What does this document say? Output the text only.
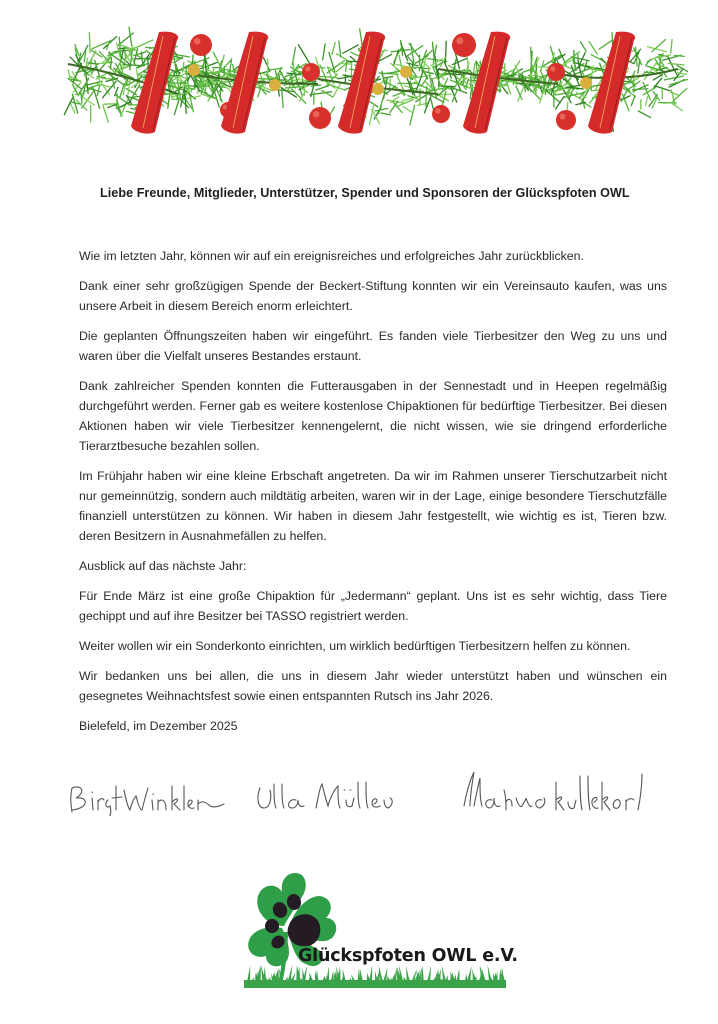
Liebe Freunde, Mitglieder, Unterstützer, Spender und Sponsoren der Glückspfoten OWL

Wie im letzten Jahr, können wir auf ein ereignisreiches und erfolgreiches Jahr zurückblicken.

Dank einer sehr großzügigen Spende der Beckert-Stiftung konnten wir ein Vereinsauto kaufen, was uns unsere Arbeit in diesem Bereich enorm erleichtert.

Die geplanten Öffnungszeiten haben wir eingeführt. Es fanden viele Tierbesitzer den Weg zu uns und waren über die Vielfalt unseres Bestandes erstaunt.

Dank zahlreicher Spenden konnten die Futterausgaben in der Sennestadt und in Heepen regelmäßig durchgeführt werden. Ferner gab es weitere kostenlose Chipaktionen für bedürftige Tierbesitzer. Bei diesen Aktionen haben wir viele Tierbesitzer kennengelernt, die nicht wissen, wie sie dringend erforderliche Tierarztbesuche bezahlen sollen.

Im Frühjahr haben wir eine kleine Erbschaft angetreten. Da wir im Rahmen unserer Tierschutzarbeit nicht nur gemeinnützig, sondern auch mildtätig arbeiten, waren wir in der Lage, einige besondere Tierschutzfälle finanziell unterstützen zu können. Wir haben in diesem Jahr festgestellt, wie wichtig es ist, Tieren bzw. deren Besitzern in Ausnahmefällen zu helfen.

Ausblick auf das nächste Jahr:

Für Ende März ist eine große Chipaktion für „Jedermann“ geplant. Uns ist es sehr wichtig, dass Tiere gechippt und auf ihre Besitzer bei TASSO registriert werden.

Weiter wollen wir ein Sonderkonto einrichten, um wirklich bedürftigen Tierbesitzern helfen zu können.

Wir bedanken uns bei allen, die uns in diesem Jahr wieder unterstützt haben und wünschen ein gesegnetes Weihnachtsfest sowie einen entspannten Rutsch ins Jahr 2026.

Bielefeld, im Dezember 2025

Glückspfoten OWL e.V.
